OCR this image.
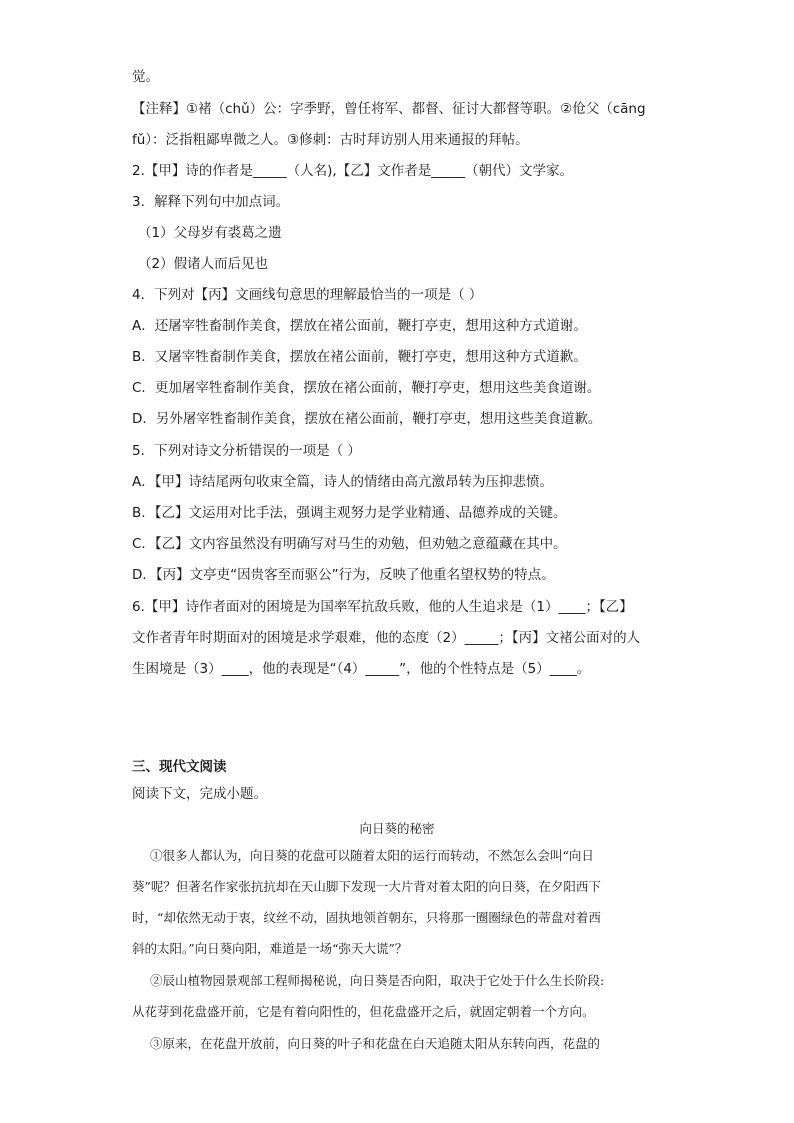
觉。
【注释】①褚（chǔ）公：字季野，曾任将军、都督、征讨大都督等职。②伧父（cāng
fǔ）：泛指粗鄙卑微之人。③修刺：古时拜访别人用来通报的拜帖。
2.【甲】诗的作者是_____（人名),【乙】文作者是_____（朝代）文学家。
3．解释下列句中加点词。
（1）父母岁有裘葛之遗
（2）假诸人而后见也
4．下列对【丙】文画线句意思的理解最恰当的一项是（ ）
A．还屠宰牲畜制作美食，摆放在褚公面前，鞭打亭吏，想用这种方式道谢。
B．又屠宰牲畜制作美食，摆放在褚公面前，鞭打亭吏，想用这种方式道歉。
C．更加屠宰牲畜制作美食，摆放在褚公面前，鞭打亭吏，想用这些美食道谢。
D．另外屠宰牲畜制作美食，摆放在褚公面前，鞭打亭吏，想用这些美食道歉。
5．下列对诗文分析错误的一项是（ ）
A．【甲】诗结尾两句收束全篇，诗人的情绪由高亢激昂转为压抑悲愤。
B．【乙】文运用对比手法，强调主观努力是学业精通、品德养成的关键。
C．【乙】文内容虽然没有明确写对马生的劝勉，但劝勉之意蕴藏在其中。
D．【丙】文亭吏“因贵客至而驱公”行为，反映了他重名望权势的特点。
6.【甲】诗作者面对的困境是为国率军抗敌兵败，他的人生追求是（1）____；【乙】
文作者青年时期面对的困境是求学艰难，他的态度（2）_____；【丙】文褚公面对的人
生困境是（3）____，他的表现是“（4）_____”，他的个性特点是（5）____。
三、现代文阅读
阅读下文，完成小题。
向日葵的秘密
①很多人都认为，向日葵的花盘可以随着太阳的运行而转动，不然怎么会叫“向日
葵”呢？但著名作家张抗抗却在天山脚下发现一大片背对着太阳的向日葵，在夕阳西下
时，“却依然无动于衷，纹丝不动，固执地领首朝东，只将那一圈圈绿色的蒂盘对着西
斜的太阳。”向日葵向阳，难道是一场“弥天大谎”？
②辰山植物园景观部工程师揭秘说，向日葵是否向阳，取决于它处于什么生长阶段:
从花芽到花盘盛开前，它是有着向阳性的，但花盘盛开之后，就固定朝着一个方向。
③原来，在花盘开放前，向日葵的叶子和花盘在白天追随太阳从东转向西，花盘的
